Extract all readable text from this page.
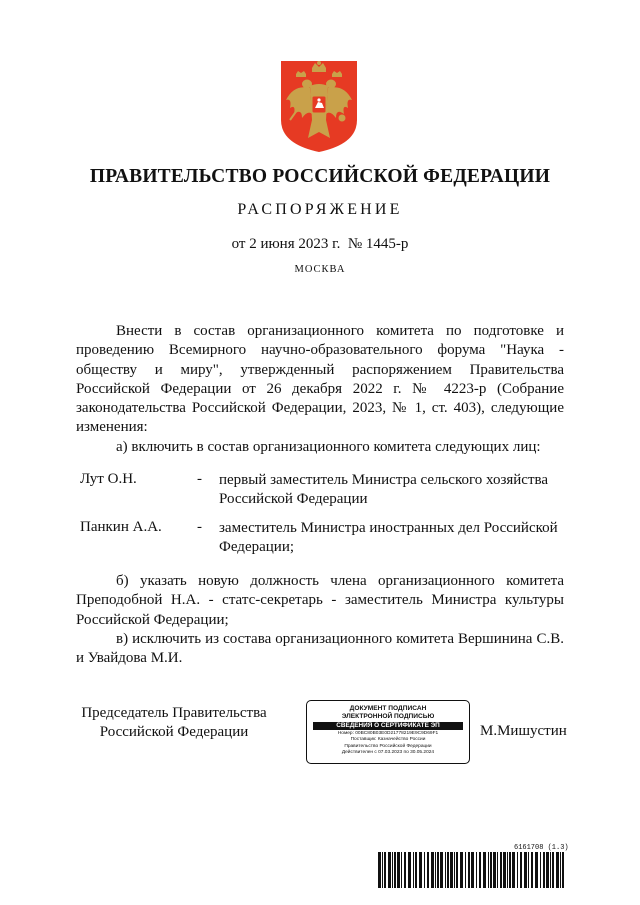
ПРАВИТЕЛЬСТВО РОССИЙСКОЙ ФЕДЕРАЦИИ
РАСПОРЯЖЕНИЕ
от 2 июня 2023 г. № 1445-р
МОСКВА
Внести в состав организационного комитета по подготовке и проведению Всемирного научно-образовательного форума "Наука - обществу и миру", утвержденный распоряжением Правительства Российской Федерации от 26 декабря 2022 г. № 4223-р (Собрание законодательства Российской Федерации, 2023, № 1, ст. 403), следующие изменения:
а) включить в состав организационного комитета следующих лиц:
Лут О.Н.	- первый заместитель Министра сельского хозяйства Российской Федерации
Панкин А.А. - заместитель Министра иностранных дел Российской Федерации;
б) указать новую должность члена организационного комитета Преподобной Н.А. - статс-секретарь - заместитель Министра культуры Российской Федерации;
в) исключить из состава организационного комитета Вершинина С.В. и Увайдова М.И.
Председатель Правительства
Российской Федерации
ДОКУМЕНТ ПОДПИСАН
ЭЛЕКТРОННОЙ ПОДПИСЬЮ
СВЕДЕНИЯ О СЕРТИФИКАТЕ ЭП
Номер: 00BC80B03E0D21778219E9C9D69F1
Поставщик: Казначейство России
Правительство Российской Федерации
Действителен с 07.03.2023 по 30.05.2024
М.Мишустин
6161708 (1.3)
